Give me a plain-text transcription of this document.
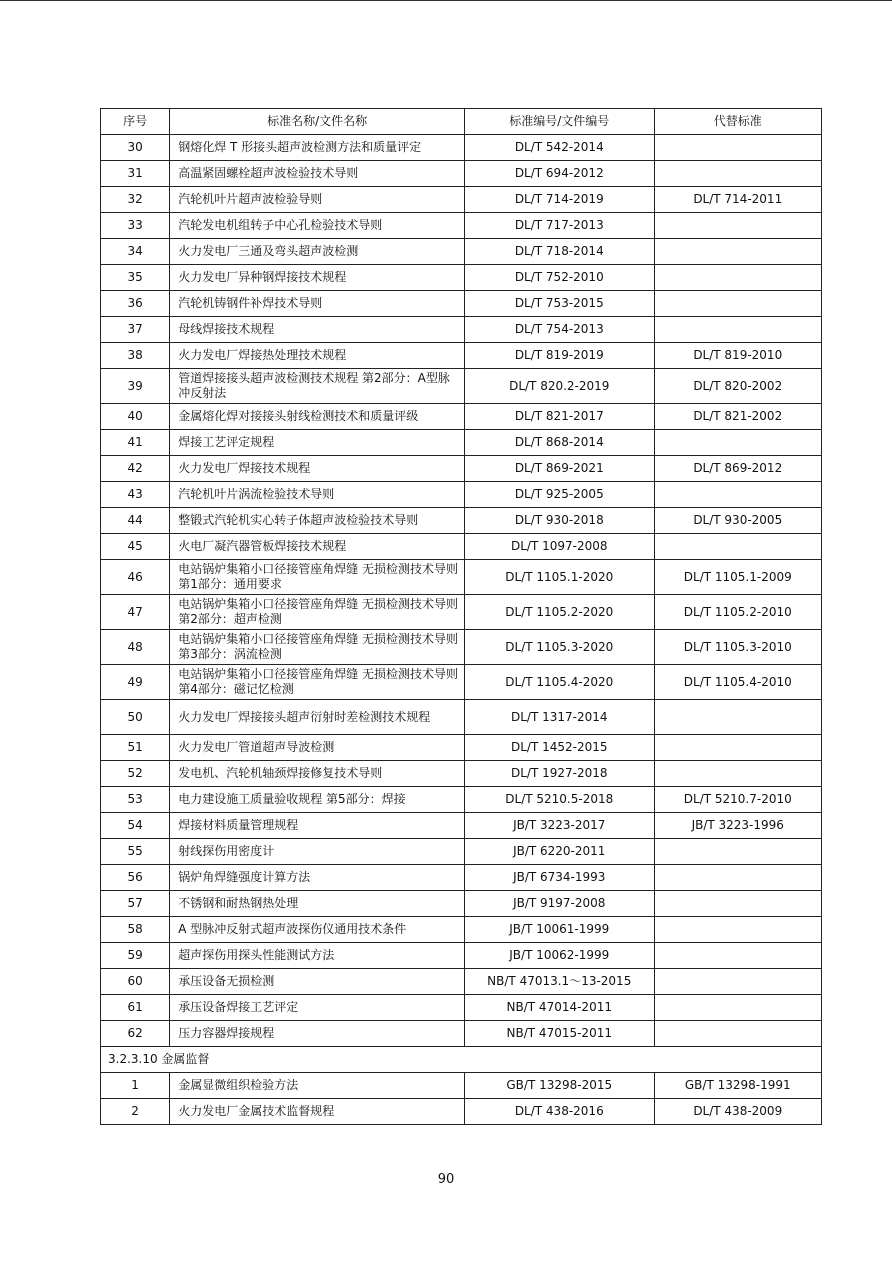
序号	标准名称/文件名称	标准编号/文件编号	代替标准
30	钢熔化焊 T 形接头超声波检测方法和质量评定	DL/T 542-2014	
31	高温紧固螺栓超声波检验技术导则	DL/T 694-2012	
32	汽轮机叶片超声波检验导则	DL/T 714-2019	DL/T 714-2011
33	汽轮发电机组转子中心孔检验技术导则	DL/T 717-2013	
34	火力发电厂三通及弯头超声波检测	DL/T 718-2014	
35	火力发电厂异种钢焊接技术规程	DL/T 752-2010	
36	汽轮机铸钢件补焊技术导则	DL/T 753-2015	
37	母线焊接技术规程	DL/T 754-2013	
38	火力发电厂焊接热处理技术规程	DL/T 819-2019	DL/T 819-2010
39	管道焊接接头超声波检测技术规程 第2部分：A型脉冲反射法	DL/T 820.2-2019	DL/T 820-2002
40	金属熔化焊对接接头射线检测技术和质量评级	DL/T 821-2017	DL/T 821-2002
41	焊接工艺评定规程	DL/T 868-2014	
42	火力发电厂焊接技术规程	DL/T 869-2021	DL/T 869-2012
43	汽轮机叶片涡流检验技术导则	DL/T 925-2005	
44	整锻式汽轮机实心转子体超声波检验技术导则	DL/T 930-2018	DL/T 930-2005
45	火电厂凝汽器管板焊接技术规程	DL/T 1097-2008	
46	电站锅炉集箱小口径接管座角焊缝 无损检测技术导则 第1部分：通用要求	DL/T 1105.1-2020	DL/T 1105.1-2009
47	电站锅炉集箱小口径接管座角焊缝 无损检测技术导则 第2部分：超声检测	DL/T 1105.2-2020	DL/T 1105.2-2010
48	电站锅炉集箱小口径接管座角焊缝 无损检测技术导则 第3部分：涡流检测	DL/T 1105.3-2020	DL/T 1105.3-2010
49	电站锅炉集箱小口径接管座角焊缝 无损检测技术导则 第4部分：磁记忆检测	DL/T 1105.4-2020	DL/T 1105.4-2010
50	火力发电厂焊接接头超声衍射时差检测技术规程	DL/T 1317-2014	
51	火力发电厂管道超声导波检测	DL/T 1452-2015	
52	发电机、汽轮机轴颈焊接修复技术导则	DL/T 1927-2018	
53	电力建设施工质量验收规程 第5部分：焊接	DL/T 5210.5-2018	DL/T 5210.7-2010
54	焊接材料质量管理规程	JB/T 3223-2017	JB/T 3223-1996
55	射线探伤用密度计	JB/T 6220-2011	
56	锅炉角焊缝强度计算方法	JB/T 6734-1993	
57	不锈钢和耐热钢热处理	JB/T 9197-2008	
58	A 型脉冲反射式超声波探伤仪通用技术条件	JB/T 10061-1999	
59	超声探伤用探头性能测试方法	JB/T 10062-1999	
60	承压设备无损检测	NB/T 47013.1～13-2015	
61	承压设备焊接工艺评定	NB/T 47014-2011	
62	压力容器焊接规程	NB/T 47015-2011	
3.2.3.10 金属监督			
1	金属显微组织检验方法	GB/T 13298-2015	GB/T 13298-1991
2	火力发电厂金属技术监督规程	DL/T 438-2016	DL/T 438-2009
90
